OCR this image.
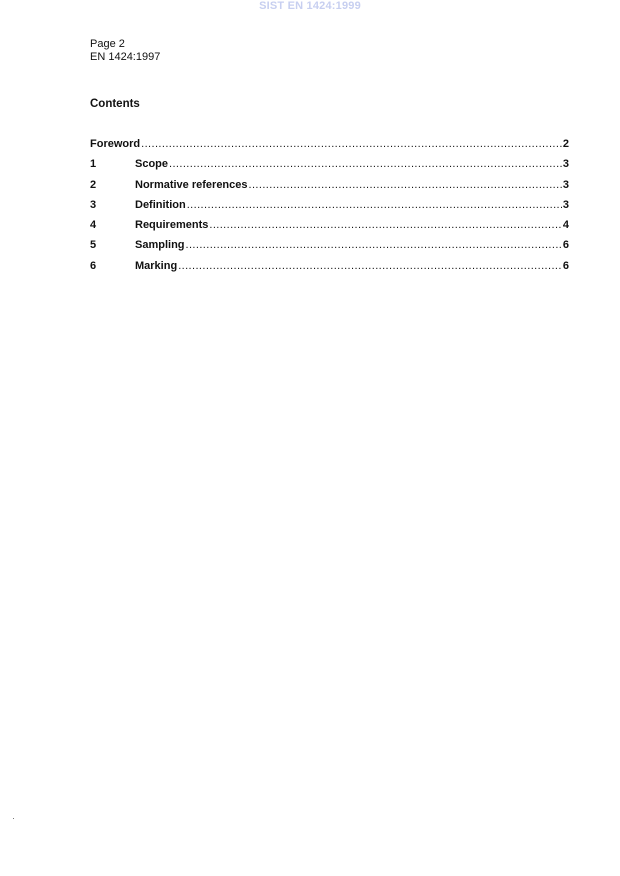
SIST EN 1424:1999
Page 2
EN 1424:1997
Contents
Foreword .....	2
1	Scope .....	3
2	Normative references .....	3
3	Definition .....	3
4	Requirements .....	4
5	Sampling .....	6
6	Marking .....	6
